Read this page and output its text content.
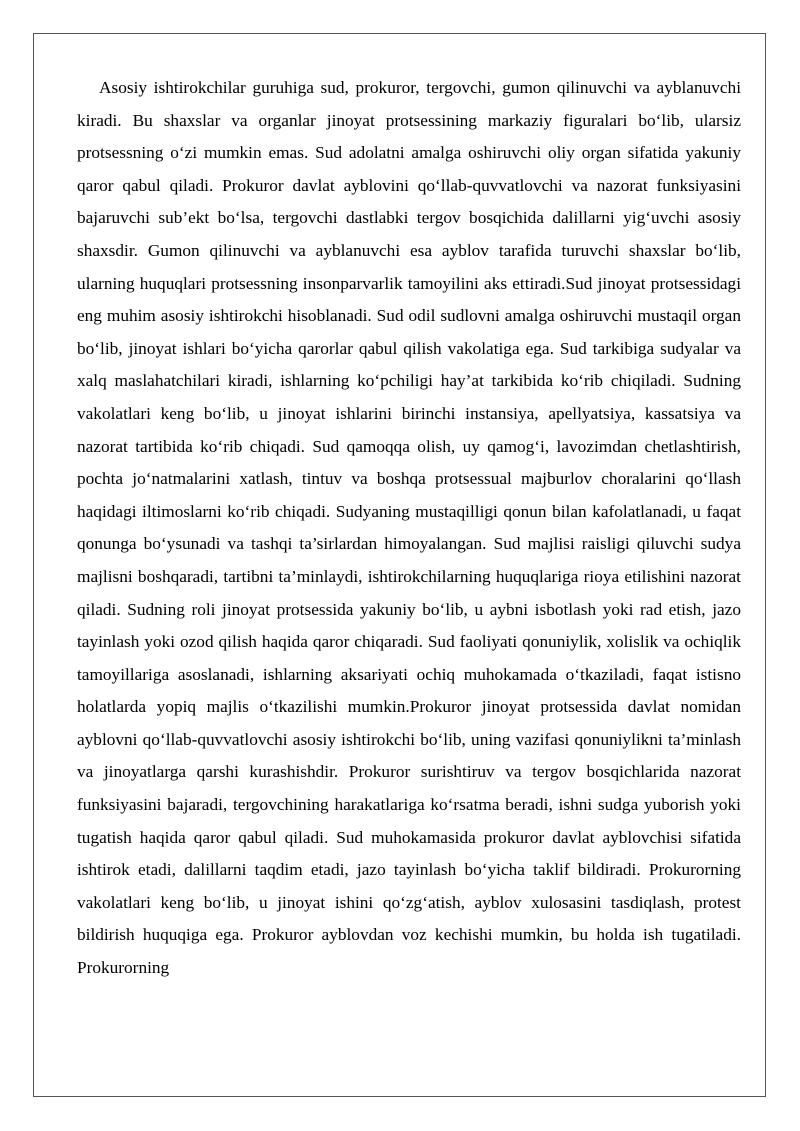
Asosiy ishtirokchilar guruhiga sud, prokuror, tergovchi, gumon qilinuvchi va ayblanuvchi kiradi. Bu shaxslar va organlar jinoyat protsessining markaziy figuralari bo‘lib, ularsiz protsessning o‘zi mumkin emas. Sud adolatni amalga oshiruvchi oliy organ sifatida yakuniy qaror qabul qiladi. Prokuror davlat ayblovini qo‘llab-quvvatlovchi va nazorat funksiyasini bajaruvchi sub’ekt bo‘lsa, tergovchi dastlabki tergov bosqichida dalillarni yig‘uvchi asosiy shaxsdir. Gumon qilinuvchi va ayblanuvchi esa ayblov tarafida turuvchi shaxslar bo‘lib, ularning huquqlari protsessning insonparvarlik tamoyilini aks ettiradi.Sud jinoyat protsessidagi eng muhim asosiy ishtirokchi hisoblanadi. Sud odil sudlovni amalga oshiruvchi mustaqil organ bo‘lib, jinoyat ishlari bo‘yicha qarorlar qabul qilish vakolatiga ega. Sud tarkibiga sudyalar va xalq maslahatchilari kiradi, ishlarning ko‘pchiligi hay’at tarkibida ko‘rib chiqiladi. Sudning vakolatlari keng bo‘lib, u jinoyat ishlarini birinchi instansiya, apellyatsiya, kassatsiya va nazorat tartibida ko‘rib chiqadi. Sud qamoqqa olish, uy qamog‘i, lavozimdan chetlashtirish, pochta jo‘natmalarini xatlash, tintuv va boshqa protsessual majburlov choralarini qo‘llash haqidagi iltimoslarni ko‘rib chiqadi. Sudyaning mustaqilligi qonun bilan kafolatlanadi, u faqat qonunga bo‘ysunadi va tashqi ta’sirlardan himoyalangan. Sud majlisi raisligi qiluvchi sudya majlisni boshqaradi, tartibni ta’minlaydi, ishtirokchilarning huquqlariga rioya etilishini nazorat qiladi. Sudning roli jinoyat protsessida yakuniy bo‘lib, u aybni isbotlash yoki rad etish, jazo tayinlash yoki ozod qilish haqida qaror chiqaradi. Sud faoliyati qonuniylik, xolislik va ochiqlik tamoyillariga asoslanadi, ishlarning aksariyati ochiq muhokamada o‘tkaziladi, faqat istisno holatlarda yopiq majlis o‘tkazilishi mumkin.Prokuror jinoyat protsessida davlat nomidan ayblovni qo‘llab-quvvatlovchi asosiy ishtirokchi bo‘lib, uning vazifasi qonuniylikni ta’minlash va jinoyatlarga qarshi kurashishdir. Prokuror surishtiruv va tergov bosqichlarida nazorat funksiyasini bajaradi, tergovchining harakatlariga ko‘rsatma beradi, ishni sudga yuborish yoki tugatish haqida qaror qabul qiladi. Sud muhokamasida prokuror davlat ayblovchisi sifatida ishtirok etadi, dalillarni taqdim etadi, jazo tayinlash bo‘yicha taklif bildiradi. Prokurorning vakolatlari keng bo‘lib, u jinoyat ishini qo‘zg‘atish, ayblov xulosasini tasdiqlash, protest bildirish huquqiga ega. Prokuror ayblovdan voz kechishi mumkin, bu holda ish tugatiladi. Prokurorning
